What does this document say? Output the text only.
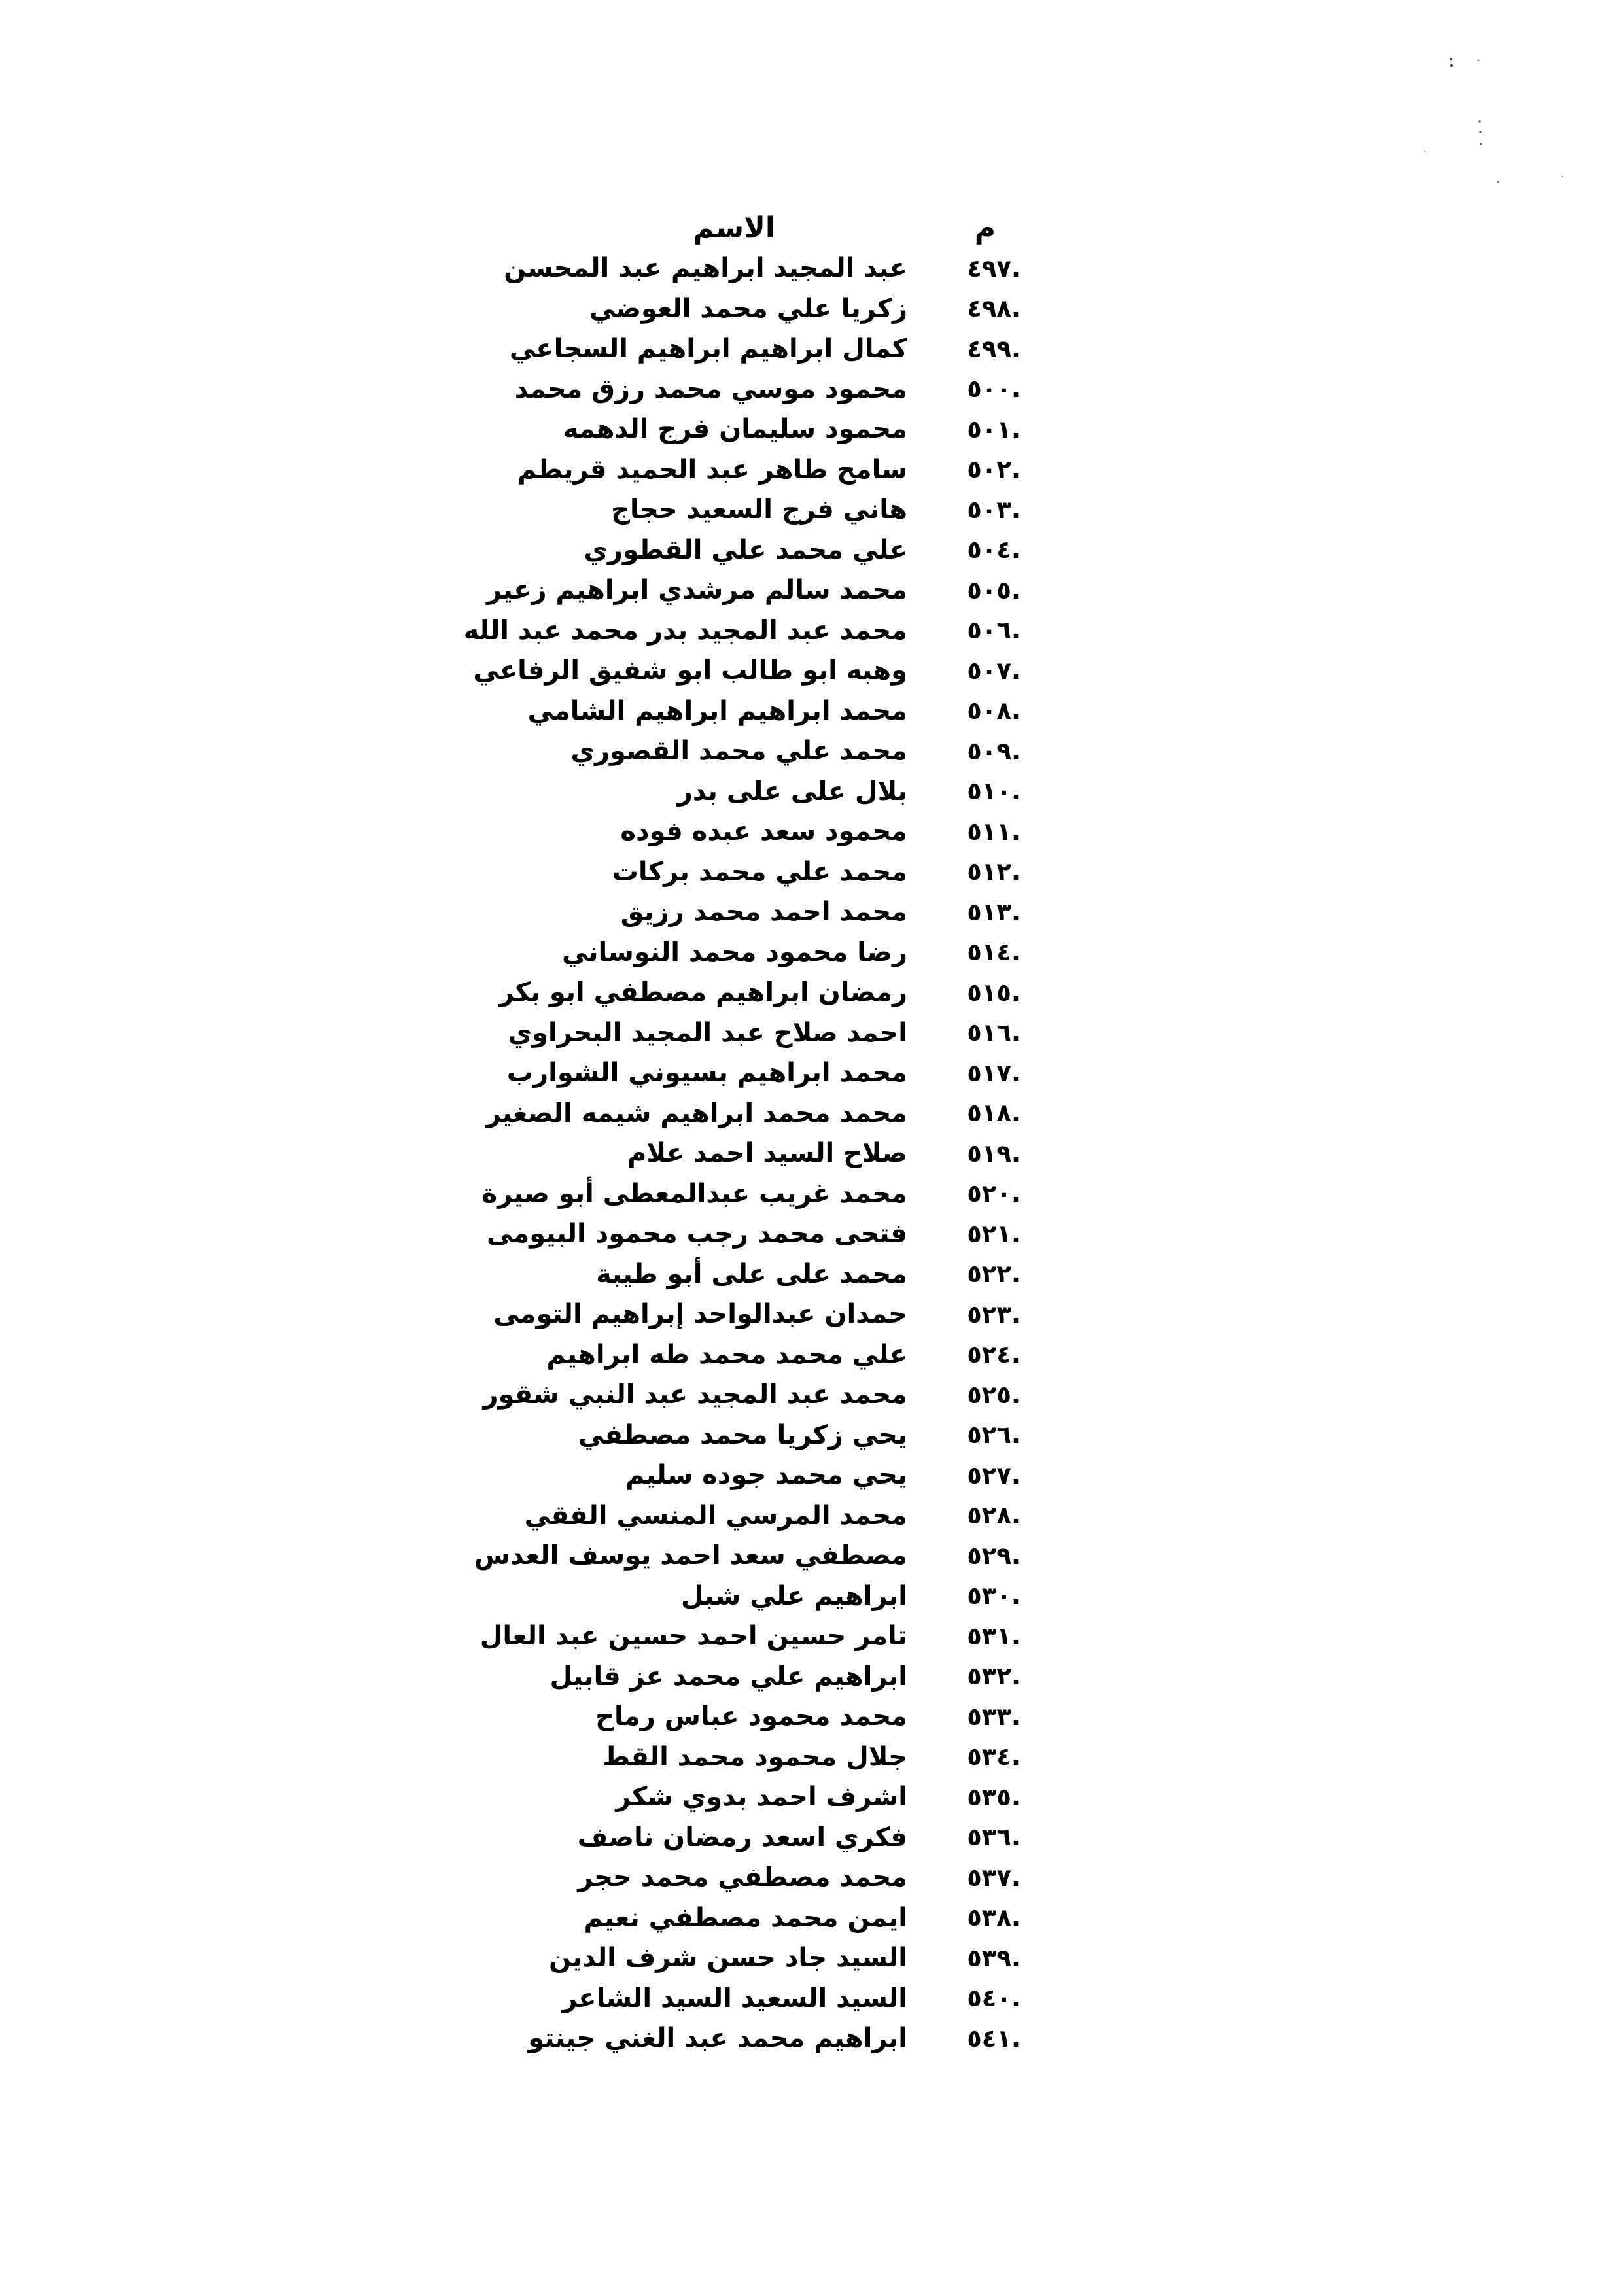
م
الاسم
.٤٩٧
عبد المجيد ابراهيم عبد المحسن
.٤٩٨
زكريا علي محمد العوضي
.٤٩٩
كمال ابراهيم ابراهيم السجاعي
.٥٠٠
محمود موسي محمد رزق محمد
.٥٠١
محمود سليمان فرج الدهمه
.٥٠٢
سامح طاهر عبد الحميد قريطم
.٥٠٣
هاني فرج السعيد حجاج
.٥٠٤
علي محمد علي القطوري
.٥٠٥
محمد سالم مرشدي ابراهيم زعير
.٥٠٦
محمد عبد المجيد بدر محمد عبد الله
.٥٠٧
وهبه ابو طالب ابو شفيق الرفاعي
.٥٠٨
محمد ابراهيم ابراهيم الشامي
.٥٠٩
محمد علي محمد القصوري
.٥١٠
بلال على على بدر
.٥١١
محمود سعد عبده فوده
.٥١٢
محمد علي محمد بركات
.٥١٣
محمد احمد محمد رزيق
.٥١٤
رضا محمود محمد النوساني
.٥١٥
رمضان ابراهيم مصطفي ابو بكر
.٥١٦
احمد صلاح عبد المجيد البحراوي
.٥١٧
محمد ابراهيم بسيوني الشوارب
.٥١٨
محمد محمد ابراهيم شيمه الصغير
.٥١٩
صلاح السيد احمد علام
.٥٢٠
محمد غريب عبدالمعطى أبو صيرة
.٥٢١
فتحى محمد رجب محمود البيومى
.٥٢٢
محمد على على أبو طيبة
.٥٢٣
حمدان عبدالواحد إبراهيم التومى
.٥٢٤
علي محمد محمد طه ابراهيم
.٥٢٥
محمد عبد المجيد عبد النبي شقور
.٥٢٦
يحي زكريا محمد مصطفي
.٥٢٧
يحي محمد جوده سليم
.٥٢٨
محمد المرسي المنسي الفقي
.٥٢٩
مصطفي سعد احمد يوسف العدس
.٥٣٠
ابراهيم علي شبل
.٥٣١
تامر حسين احمد حسين عبد العال
.٥٣٢
ابراهيم علي محمد عز قابيل
.٥٣٣
محمد محمود عباس رماح
.٥٣٤
جلال محمود محمد القط
.٥٣٥
اشرف احمد بدوي شكر
.٥٣٦
فكري اسعد رمضان ناصف
.٥٣٧
محمد مصطفي محمد حجر
.٥٣٨
ايمن محمد مصطفي نعيم
.٥٣٩
السيد جاد حسن شرف الدين
.٥٤٠
السيد السعيد السيد الشاعر
.٥٤١
ابراهيم محمد عبد الغني جينتو
